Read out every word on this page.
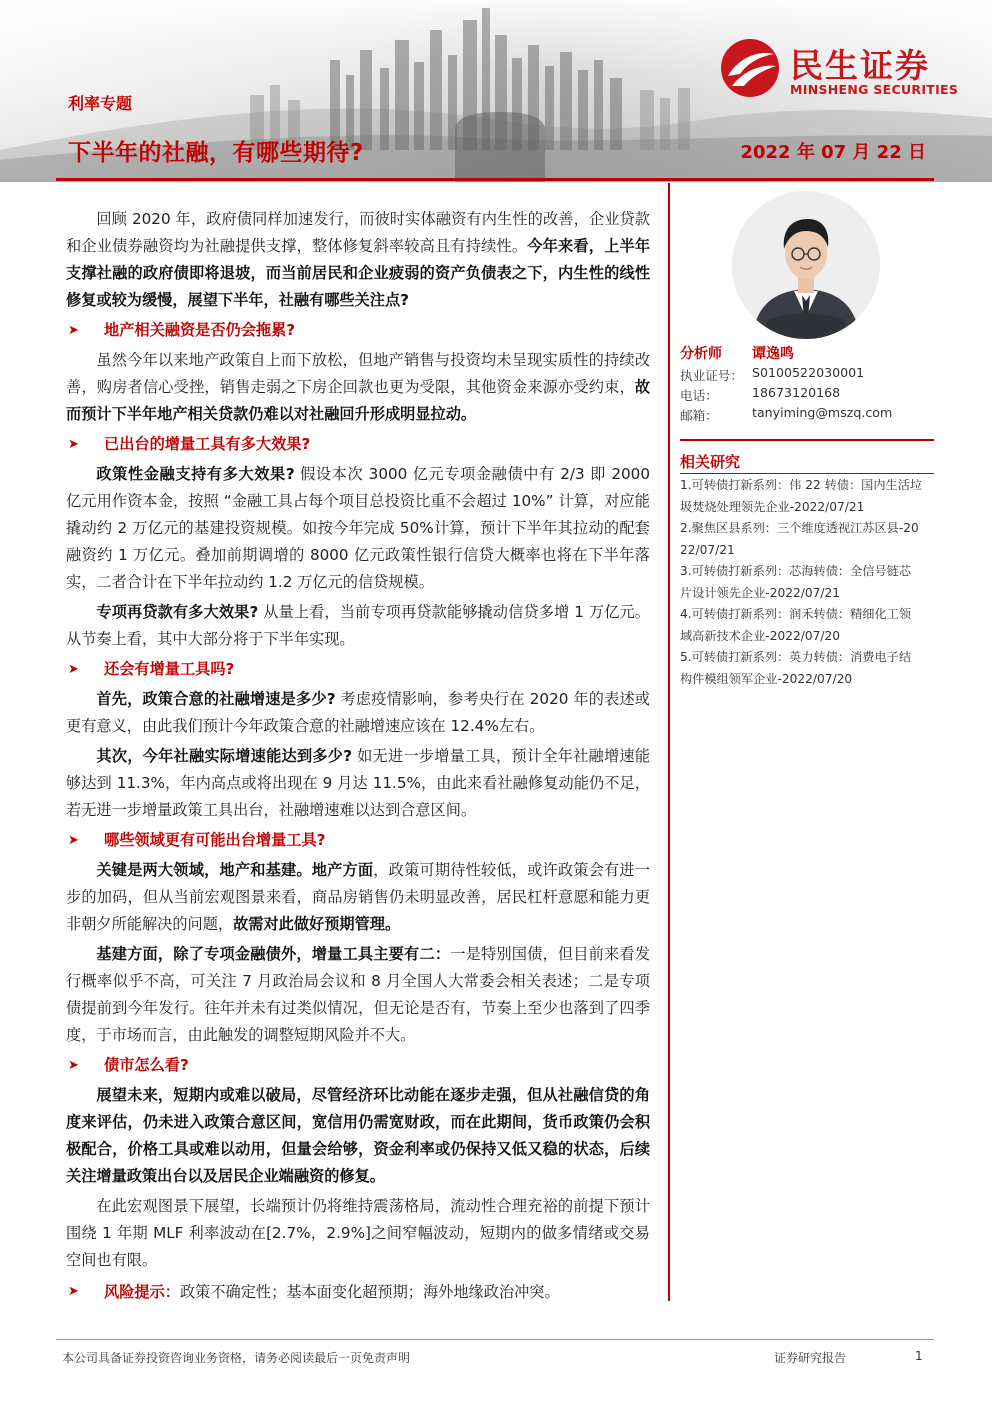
利率专题
下半年的社融，有哪些期待?	2022 年 07 月 22 日
民生证券
MINSHENG SECURITIES

回顾 2020 年，政府债同样加速发行，而彼时实体融资有内生性的改善，企业贷款和企业债券融资均为社融提供支撑，整体修复斜率较高且有持续性。今年来看，上半年支撑社融的政府债即将退坡，而当前居民和企业疲弱的资产负债表之下，内生性的线性修复或较为缓慢，展望下半年，社融有哪些关注点?

➤ 地产相关融资是否仍会拖累?

虽然今年以来地产政策自上而下放松，但地产销售与投资均未呈现实质性的持续改善，购房者信心受挫，销售走弱之下房企回款也更为受限，其他资金来源亦受约束，故而预计下半年地产相关贷款仍难以对社融回升形成明显拉动。

➤ 已出台的增量工具有多大效果?

政策性金融支持有多大效果? 假设本次 3000 亿元专项金融债中有 2/3 即 2000 亿元用作资本金，按照 “金融工具占每个项目总投资比重不会超过 10%” 计算，对应能撬动约 2 万亿元的基建投资规模。如按今年完成 50%计算，预计下半年其拉动的配套融资约 1 万亿元。叠加前期调增的 8000 亿元政策性银行信贷大概率也将在下半年落实，二者合计在下半年拉动约 1.2 万亿元的信贷规模。

专项再贷款有多大效果? 从量上看，当前专项再贷款能够撬动信贷多增 1 万亿元。从节奏上看，其中大部分将于下半年实现。

➤ 还会有增量工具吗?

首先，政策合意的社融增速是多少? 考虑疫情影响，参考央行在 2020 年的表述或更有意义，由此我们预计今年政策合意的社融增速应该在 12.4%左右。

其次，今年社融实际增速能达到多少? 如无进一步增量工具，预计全年社融增速能够达到 11.3%，年内高点或将出现在 9 月达 11.5%，由此来看社融修复动能仍不足，若无进一步增量政策工具出台，社融增速难以达到合意区间。

➤ 哪些领域更有可能出台增量工具?

关键是两大领域，地产和基建。地产方面，政策可期待性较低，或许政策会有进一步的加码，但从当前宏观图景来看，商品房销售仍未明显改善，居民杠杆意愿和能力更非朝夕所能解决的问题，故需对此做好预期管理。

基建方面，除了专项金融债外，增量工具主要有二：一是特别国债，但目前来看发行概率似乎不高，可关注 7 月政治局会议和 8 月全国人大常委会相关表述；二是专项债提前到今年发行。往年并未有过类似情况，但无论是否有，节奏上至少也落到了四季度，于市场而言，由此触发的调整短期风险并不大。

➤ 债市怎么看?

展望未来，短期内或难以破局，尽管经济环比动能在逐步走强，但从社融信贷的角度来评估，仍未进入政策合意区间，宽信用仍需宽财政，而在此期间，货币政策仍会积极配合，价格工具或难以动用，但量会给够，资金利率或仍保持又低又稳的状态，后续关注增量政策出台以及居民企业端融资的修复。

在此宏观图景下展望，长端预计仍将维持震荡格局，流动性合理充裕的前提下预计围绕 1 年期 MLF 利率波动在[2.7%，2.9%]之间窄幅波动，短期内的做多情绪或交易空间也有限。

➤ 风险提示：政策不确定性；基本面变化超预期；海外地缘政治冲突。
分析师 谭逸鸣
执业证号： S0100522030001
电话：	18673120168
邮箱：	tanyiming@mszq.com
相关研究
1.可转债打新系列：伟 22 转债：国内生活垃
圾焚烧处理领先企业-2022/07/21
2.聚焦区县系列：三个维度透视江苏区县-20
22/07/21
3.可转债打新系列：芯海转债：全信号链芯
片设计领先企业-2022/07/21
4.可转债打新系列：润禾转债：精细化工领
域高新技术企业-2022/07/20
5.可转债打新系列：英力转债：消费电子结
构件模组领军企业-2022/07/20
本公司具备证券投资咨询业务资格，请务必阅读最后一页免责声明	证券研究报告	1
